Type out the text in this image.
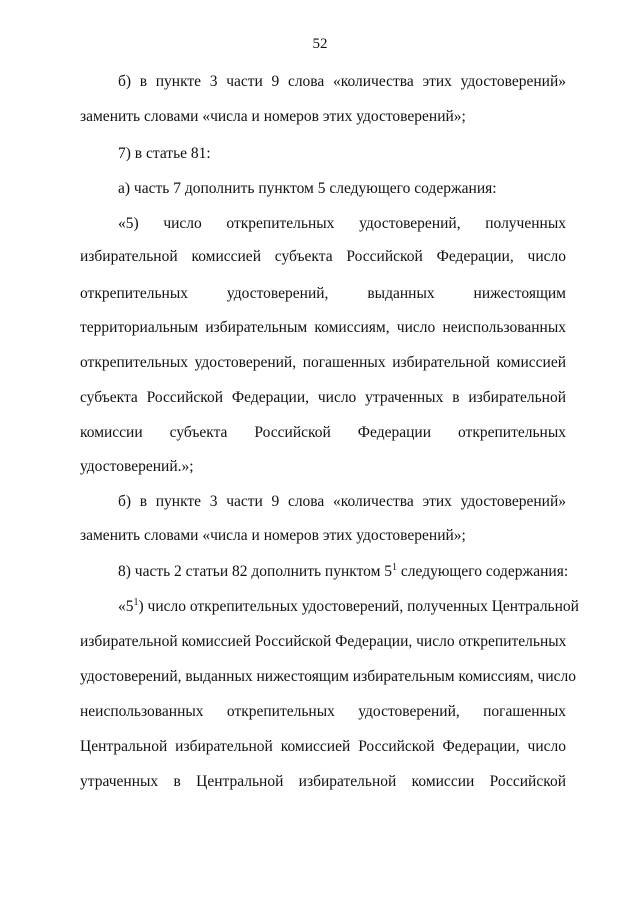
52
б) в пункте 3 части 9 слова «количества этих удостоверений»
заменить словами «числа и номеров этих удостоверений»;
7) в статье 81:
а) часть 7 дополнить пунктом 5 следующего содержания:
«5) число открепительных удостоверений, полученных
избирательной комиссией субъекта Российской Федерации, число
открепительных удостоверений, выданных нижестоящим
территориальным избирательным комиссиям, число неиспользованных
открепительных удостоверений, погашенных избирательной комиссией
субъекта Российской Федерации, число утраченных в избирательной
комиссии субъекта Российской Федерации открепительных
удостоверений.»;
б) в пункте 3 части 9 слова «количества этих удостоверений»
заменить словами «числа и номеров этих удостоверений»;
8) часть 2 статьи 82 дополнить пунктом $5^1$ следующего содержания:
«$5^1$) число открепительных удостоверений, полученных Центральной
избирательной комиссией Российской Федерации, число открепительных
удостоверений, выданных нижестоящим избирательным комиссиям, число
неиспользованных открепительных удостоверений, погашенных
Центральной избирательной комиссией Российской Федерации, число
утраченных в Центральной избирательной комиссии Российской
